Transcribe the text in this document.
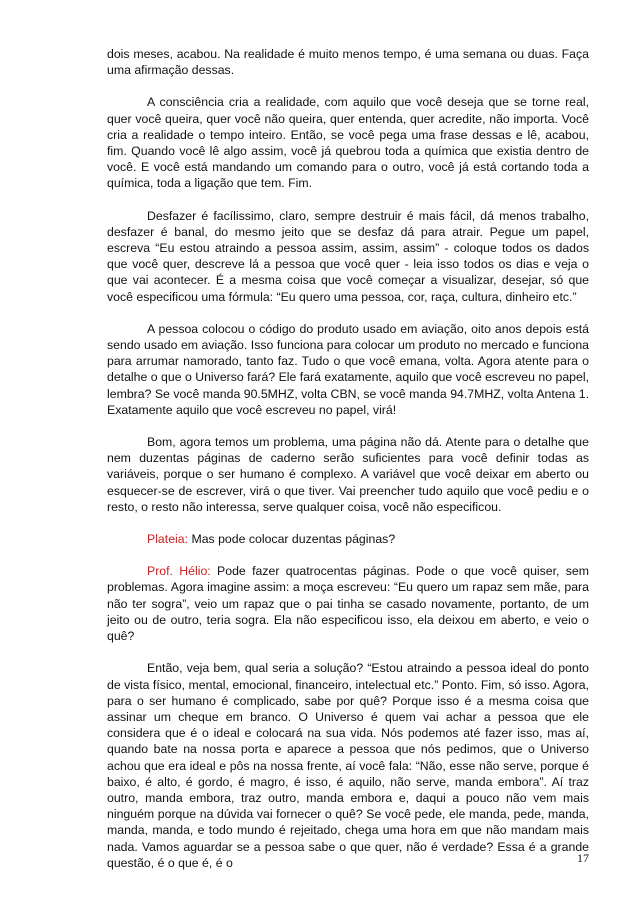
dois meses, acabou. Na realidade é muito menos tempo, é uma semana ou duas. Faça uma afirmação dessas.

A consciência cria a realidade, com aquilo que você deseja que se torne real, quer você queira, quer você não queira, quer entenda, quer acredite, não importa. Você cria a realidade o tempo inteiro. Então, se você pega uma frase dessas e lê, acabou, fim. Quando você lê algo assim, você já quebrou toda a química que existia dentro de você. E você está mandando um comando para o outro, você já está cortando toda a química, toda a ligação que tem. Fim.

Desfazer é facílissimo, claro, sempre destruir é mais fácil, dá menos trabalho, desfazer é banal, do mesmo jeito que se desfaz dá para atrair. Pegue um papel, escreva “Eu estou atraindo a pessoa assim, assim, assim” - coloque todos os dados que você quer, descreve lá a pessoa que você quer - leia isso todos os dias e veja o que vai acontecer. É a mesma coisa que você começar a visualizar, desejar, só que você especificou uma fórmula: “Eu quero uma pessoa, cor, raça, cultura, dinheiro etc.”

A pessoa colocou o código do produto usado em aviação, oito anos depois está sendo usado em aviação. Isso funciona para colocar um produto no mercado e funciona para arrumar namorado, tanto faz. Tudo o que você emana, volta. Agora atente para o detalhe o que o Universo fará? Ele fará exatamente, aquilo que você escreveu no papel, lembra? Se você manda 90.5MHZ, volta CBN, se você manda 94.7MHZ, volta Antena 1. Exatamente aquilo que você escreveu no papel, virá!

Bom, agora temos um problema, uma página não dá. Atente para o detalhe que nem duzentas páginas de caderno serão suficientes para você definir todas as variáveis, porque o ser humano é complexo. A variável que você deixar em aberto ou esquecer-se de escrever, virá o que tiver. Vai preencher tudo aquilo que você pediu e o resto, o resto não interessa, serve qualquer coisa, você não especificou.

Plateia: Mas pode colocar duzentas páginas?

Prof. Hélio: Pode fazer quatrocentas páginas. Pode o que você quiser, sem problemas. Agora imagine assim: a moça escreveu: “Eu quero um rapaz sem mãe, para não ter sogra”, veio um rapaz que o pai tinha se casado novamente, portanto, de um jeito ou de outro, teria sogra. Ela não especificou isso, ela deixou em aberto, e veio o quê?

Então, veja bem, qual seria a solução? “Estou atraindo a pessoa ideal do ponto de vista físico, mental, emocional, financeiro, intelectual etc.” Ponto. Fim, só isso. Agora, para o ser humano é complicado, sabe por quê? Porque isso é a mesma coisa que assinar um cheque em branco. O Universo é quem vai achar a pessoa que ele considera que é o ideal e colocará na sua vida. Nós podemos até fazer isso, mas aí, quando bate na nossa porta e aparece a pessoa que nós pedimos, que o Universo achou que era ideal e pôs na nossa frente, aí você fala: “Não, esse não serve, porque é baixo, é alto, é gordo, é magro, é isso, é aquilo, não serve, manda embora”. Aí traz outro, manda embora, traz outro, manda embora e, daqui a pouco não vem mais ninguém porque na dúvida vai fornecer o quê? Se você pede, ele manda, pede, manda, manda, manda, e todo mundo é rejeitado, chega uma hora em que não mandam mais nada. Vamos aguardar se a pessoa sabe o que quer, não é verdade? Essa é a grande questão, é o que é, é o	17
